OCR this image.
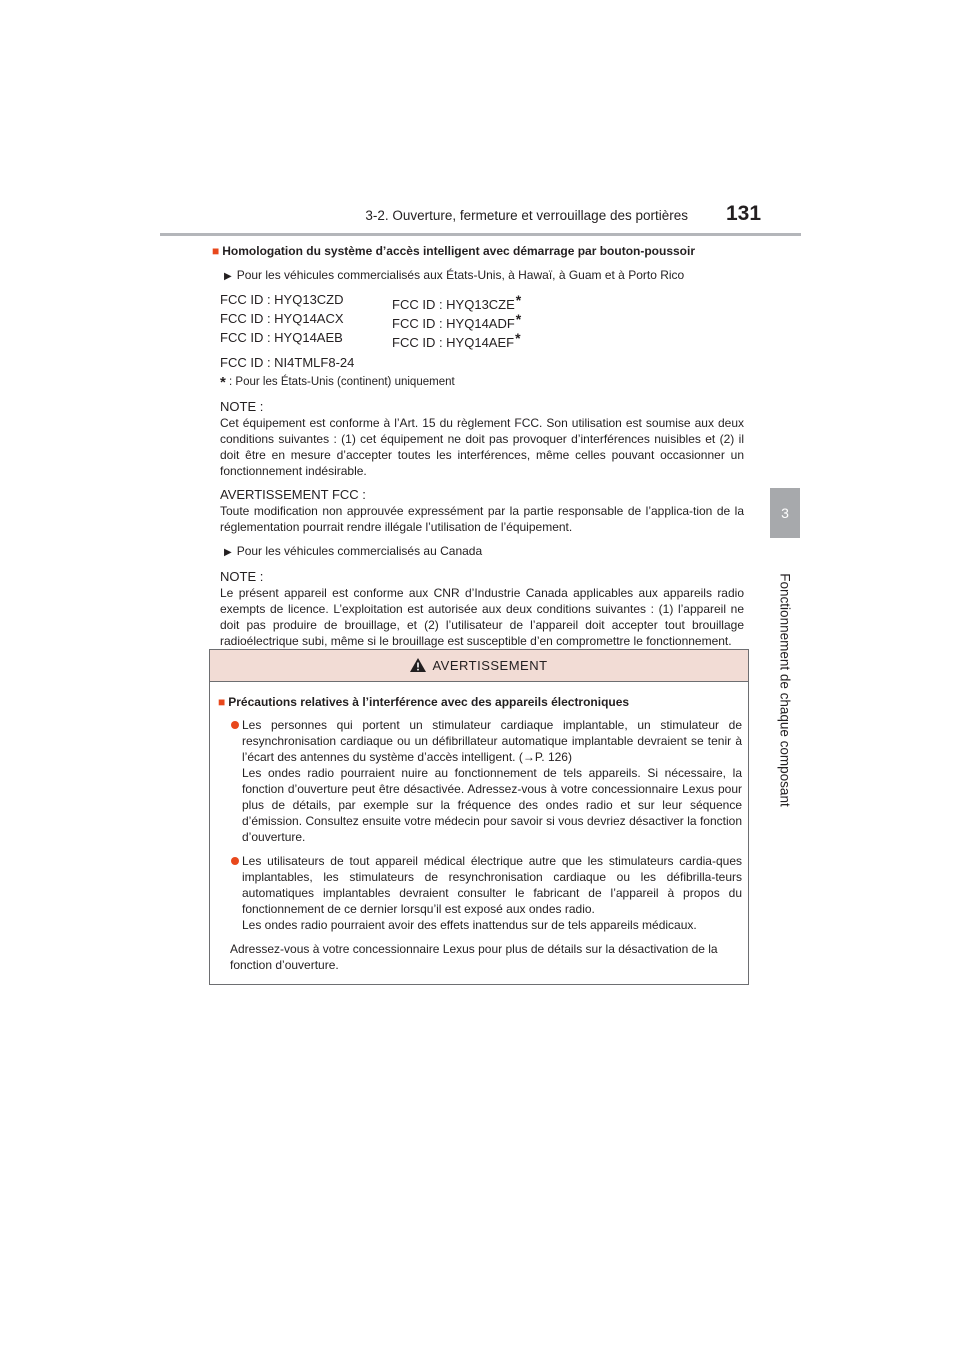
3-2. Ouverture, fermeture et verrouillage des portières 131
3
Fonctionnement de chaque composant
■ Homologation du système d’accès intelligent avec démarrage par bouton-poussoir
▶ Pour les véhicules commercialisés aux États-Unis, à Hawaï, à Guam et à Porto Rico
FCC ID : HYQ13CZD	FCC ID : HYQ13CZE*
FCC ID : HYQ14ACX	FCC ID : HYQ14ADF*
FCC ID : HYQ14AEB	FCC ID : HYQ14AEF*
FCC ID : NI4TMLF8-24
* : Pour les États-Unis (continent) uniquement
NOTE :
Cet équipement est conforme à l’Art. 15 du règlement FCC. Son utilisation est soumise aux deux conditions suivantes : (1) cet équipement ne doit pas provoquer d’interférences nuisibles et (2) il doit être en mesure d’accepter toutes les interférences, même celles pouvant occasionner un fonctionnement indésirable.
AVERTISSEMENT FCC :
Toute modification non approuvée expressément par la partie responsable de l’applica-tion de la réglementation pourrait rendre illégale l’utilisation de l’équipement.
▶ Pour les véhicules commercialisés au Canada
NOTE :
Le présent appareil est conforme aux CNR d’Industrie Canada applicables aux appareils radio exempts de licence. L’exploitation est autorisée aux deux conditions suivantes : (1) l’appareil ne doit pas produire de brouillage, et (2) l’utilisateur de l’appareil doit accepter tout brouillage radioélectrique subi, même si le brouillage est susceptible d’en compromettre le fonctionnement.
AVERTISSEMENT
■ Précautions relatives à l’interférence avec des appareils électroniques
Les personnes qui portent un stimulateur cardiaque implantable, un stimulateur de resynchronisation cardiaque ou un défibrillateur automatique implantable devraient se tenir à l’écart des antennes du système d’accès intelligent. (→P. 126)
Les ondes radio pourraient nuire au fonctionnement de tels appareils. Si nécessaire, la fonction d’ouverture peut être désactivée. Adressez-vous à votre concessionnaire Lexus pour plus de détails, par exemple sur la fréquence des ondes radio et sur leur séquence d’émission. Consultez ensuite votre médecin pour savoir si vous devriez désactiver la fonction d’ouverture.
Les utilisateurs de tout appareil médical électrique autre que les stimulateurs cardia-ques implantables, les stimulateurs de resynchronisation cardiaque ou les défibrilla-teurs automatiques implantables devraient consulter le fabricant de l’appareil à propos du fonctionnement de ce dernier lorsqu’il est exposé aux ondes radio.
Les ondes radio pourraient avoir des effets inattendus sur de tels appareils médicaux.
Adressez-vous à votre concessionnaire Lexus pour plus de détails sur la désactivation de la fonction d’ouverture.
